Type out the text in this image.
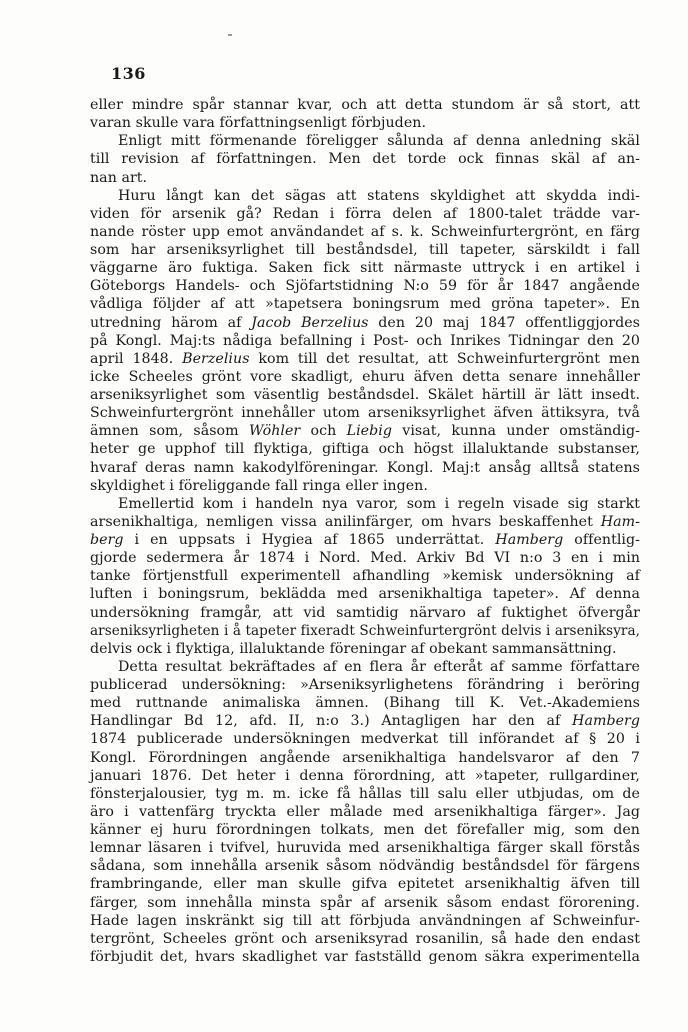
136
eller mindre spår stannar kvar, och att detta stundom är så stort, att
varan skulle vara författningsenligt förbjuden.
Enligt mitt förmenande föreligger sålunda af denna anledning skäl
till revision af författningen. Men det torde ock finnas skäl af an-
nan art.
Huru långt kan det sägas att statens skyldighet att skydda indi-
viden för arsenik gå? Redan i förra delen af 1800-talet trädde var-
nande röster upp emot användandet af s. k. Schweinfurtergrönt, en färg
som har arseniksyrlighet till beståndsdel, till tapeter, särskildt i fall
väggarne äro fuktiga. Saken fick sitt närmaste uttryck i en artikel i
Göteborgs Handels- och Sjöfartstidning N:o 59 för år 1847 angående
vådliga följder af att »tapetsera boningsrum med gröna tapeter». En
utredning härom af Jacob Berzelius den 20 maj 1847 offentliggjordes
på Kongl. Maj:ts nådiga befallning i Post- och Inrikes Tidningar den 20
april 1848. Berzelius kom till det resultat, att Schweinfurtergrönt men
icke Scheeles grönt vore skadligt, ehuru äfven detta senare innehåller
arseniksyrlighet som väsentlig beståndsdel. Skälet härtill är lätt insedt.
Schweinfurtergrönt innehåller utom arseniksyrlighet äfven ättiksyra, två
ämnen som, såsom Wöhler och Liebig visat, kunna under omständig-
heter ge upphof till flyktiga, giftiga och högst illaluktande substanser,
hvaraf deras namn kakodylföreningar. Kongl. Maj:t ansåg alltså statens
skyldighet i föreliggande fall ringa eller ingen.
Emellertid kom i handeln nya varor, som i regeln visade sig starkt
arsenikhaltiga, nemligen vissa anilinfärger, om hvars beskaffenhet Ham-
berg i en uppsats i Hygiea af 1865 underrättat. Hamberg offentlig-
gjorde sedermera år 1874 i Nord. Med. Arkiv Bd VI n:o 3 en i min
tanke förtjenstfull experimentell afhandling »kemisk undersökning af
luften i boningsrum, beklädda med arsenikhaltiga tapeter». Af denna
undersökning framgår, att vid samtidig närvaro af fuktighet öfvergår
arseniksyrligheten i å tapeter fixeradt Schweinfurtergrönt delvis i arseniksyra,
delvis ock i flyktiga, illaluktande föreningar af obekant sammansättning.
Detta resultat bekräftades af en flera år efteråt af samme författare
publicerad undersökning: »Arseniksyrlighetens förändring i beröring
med ruttnande animaliska ämnen. (Bihang till K. Vet.-Akademiens
Handlingar Bd 12, afd. II, n:o 3.) Antagligen har den af Hamberg
1874 publicerade undersökningen medverkat till införandet af § 20 i
Kongl. Förordningen angående arsenikhaltiga handelsvaror af den 7
januari 1876. Det heter i denna förordning, att »tapeter, rullgardiner,
fönsterjalousier, tyg m. m. icke få hållas till salu eller utbjudas, om de
äro i vattenfärg tryckta eller målade med arsenikhaltiga färger». Jag
känner ej huru förordningen tolkats, men det förefaller mig, som den
lemnar läsaren i tvifvel, huruvida med arsenikhaltiga färger skall förstås
sådana, som innehålla arsenik såsom nödvändig beståndsdel för färgens
frambringande, eller man skulle gifva epitetet arsenikhaltig äfven till
färger, som innehålla minsta spår af arsenik såsom endast förorening.
Hade lagen inskränkt sig till att förbjuda användningen af Schweinfur-
tergrönt, Scheeles grönt och arseniksyrad rosanilin, så hade den endast
förbjudit det, hvars skadlighet var fastställd genom säkra experimentella
